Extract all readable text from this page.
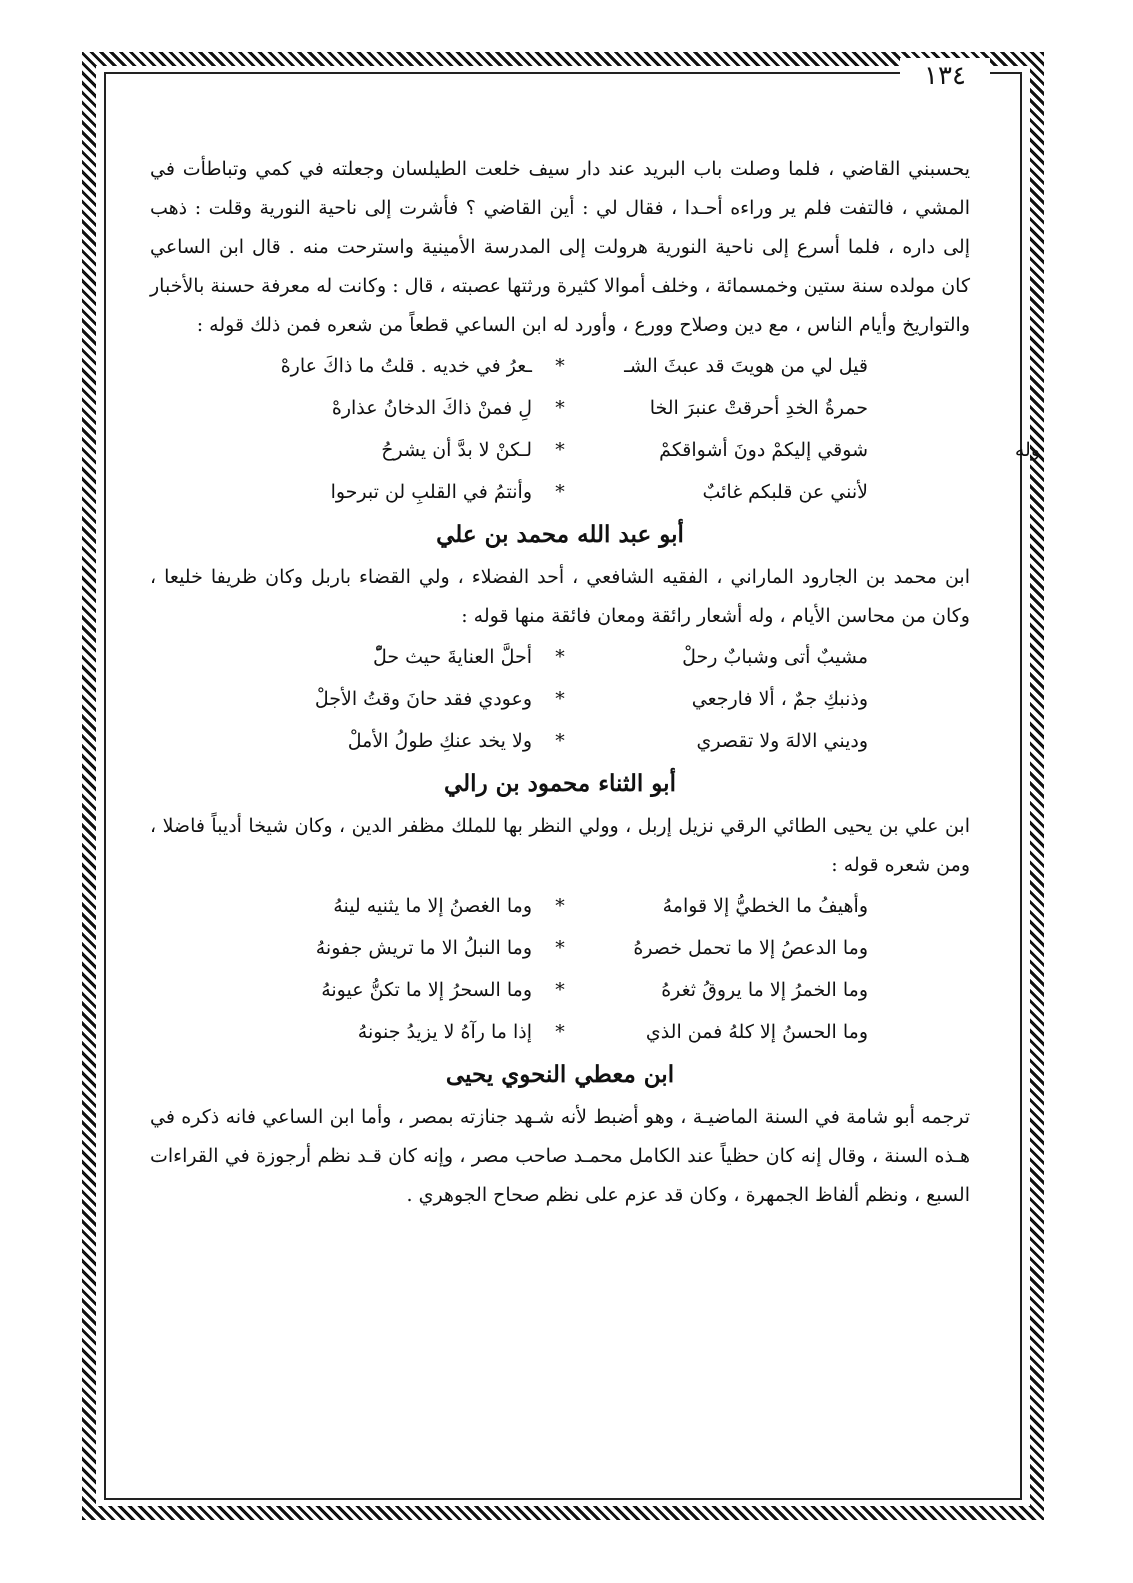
١٣٤

يحسبني القاضي ، فلما وصلت باب البريد عند دار سيف خلعت الطيلسان وجعلته في كمي وتباطأت في المشي ، فالتفت فلم ير وراءه أحـدا ، فقال لي : أين القاضي ؟ فأشرت إلى ناحية النورية وقلت : ذهب إلى داره ، فلما أسرع إلى ناحية النورية هرولت إلى المدرسة الأمينية واسترحت منه . قال ابن الساعي كان مولده سنة ستين وخمسمائة ، وخلف أموالا كثيرة ورثتها عصبته ، قال : وكانت له معرفة حسنة بالأخبار والتواريخ وأيام الناس ، مع دين وصلاح وورع ، وأورد له ابن الساعي قطعاً من شعره فمن ذلك قوله :

قيل لي من هويتَ قد عبثَ الشـ
*
ـعرُ في خديه . قلتُ ما ذاكَ عارهْ
حمرةُ الخدِ أحرقتْ عنبرَ الخا
*
لِ فمنْ ذاكَ الدخانُ عذارهْ
وله
شوقي إليكمْ دونَ أشواقكمْ
*
لـكنْ لا بدَّ أن يشرحُ
لأنني عن قلبكم غائبٌ
*
وأنتمُ في القلبِ لن تبرحوا
أبو عبد الله محمد بن علي

ابن محمد بن الجارود الماراني ، الفقيه الشافعي ، أحد الفضلاء ، ولي القضاء باربل وكان ظريفا خليعا ، وكان من محاسن الأيام ، وله أشعار رائقة ومعان فائقة منها قوله :

مشيبٌ أتى وشبابٌ رحلْ
*
أحلَّ العنايةَ حيث حلّْ
وذنبكِ جمٌ ، ألا فارجعي
*
وعودي فقد حانَ وقتُ الأجلْ
وديني الالهَ ولا تقصري
*
ولا يخد عنكِ طولُ الأملْ
أبو الثناء محمود بن رالي

ابن علي بن يحيى الطائي الرقي نزيل إربل ، وولي النظر بها للملك مظفر الدين ، وكان شيخا أديباً فاضلا ، ومن شعره قوله :

وأهيفُ ما الخطيُّ إلا قوامهُ
*
وما الغصنُ إلا ما يثنيه لينهُ
وما الدعصُ إلا ما تحمل خصرهُ
*
وما النبلُ الا ما تريش جفونهُ
وما الخمرُ إلا ما يروقُ ثغرهُ
*
وما السحرُ إلا ما تكنُّ عيونهُ
وما الحسنُ إلا كلهُ فمن الذي
*
إذا ما رآهُ لا يزيدُ جنونهُ
ابن معطي النحوي يحيى

ترجمه أبو شامة في السنة الماضيـة ، وهو أضبط لأنه شـهد جنازته بمصر ، وأما ابن الساعي فانه ذكره في هـذه السنة ، وقال إنه كان حظياً عند الكامل محمـد صاحب مصر ، وإنه كان قـد نظم أرجوزة في القراءات السبع ، ونظم ألفاظ الجمهرة ، وكان قد عزم على نظم صحاح الجوهري .
